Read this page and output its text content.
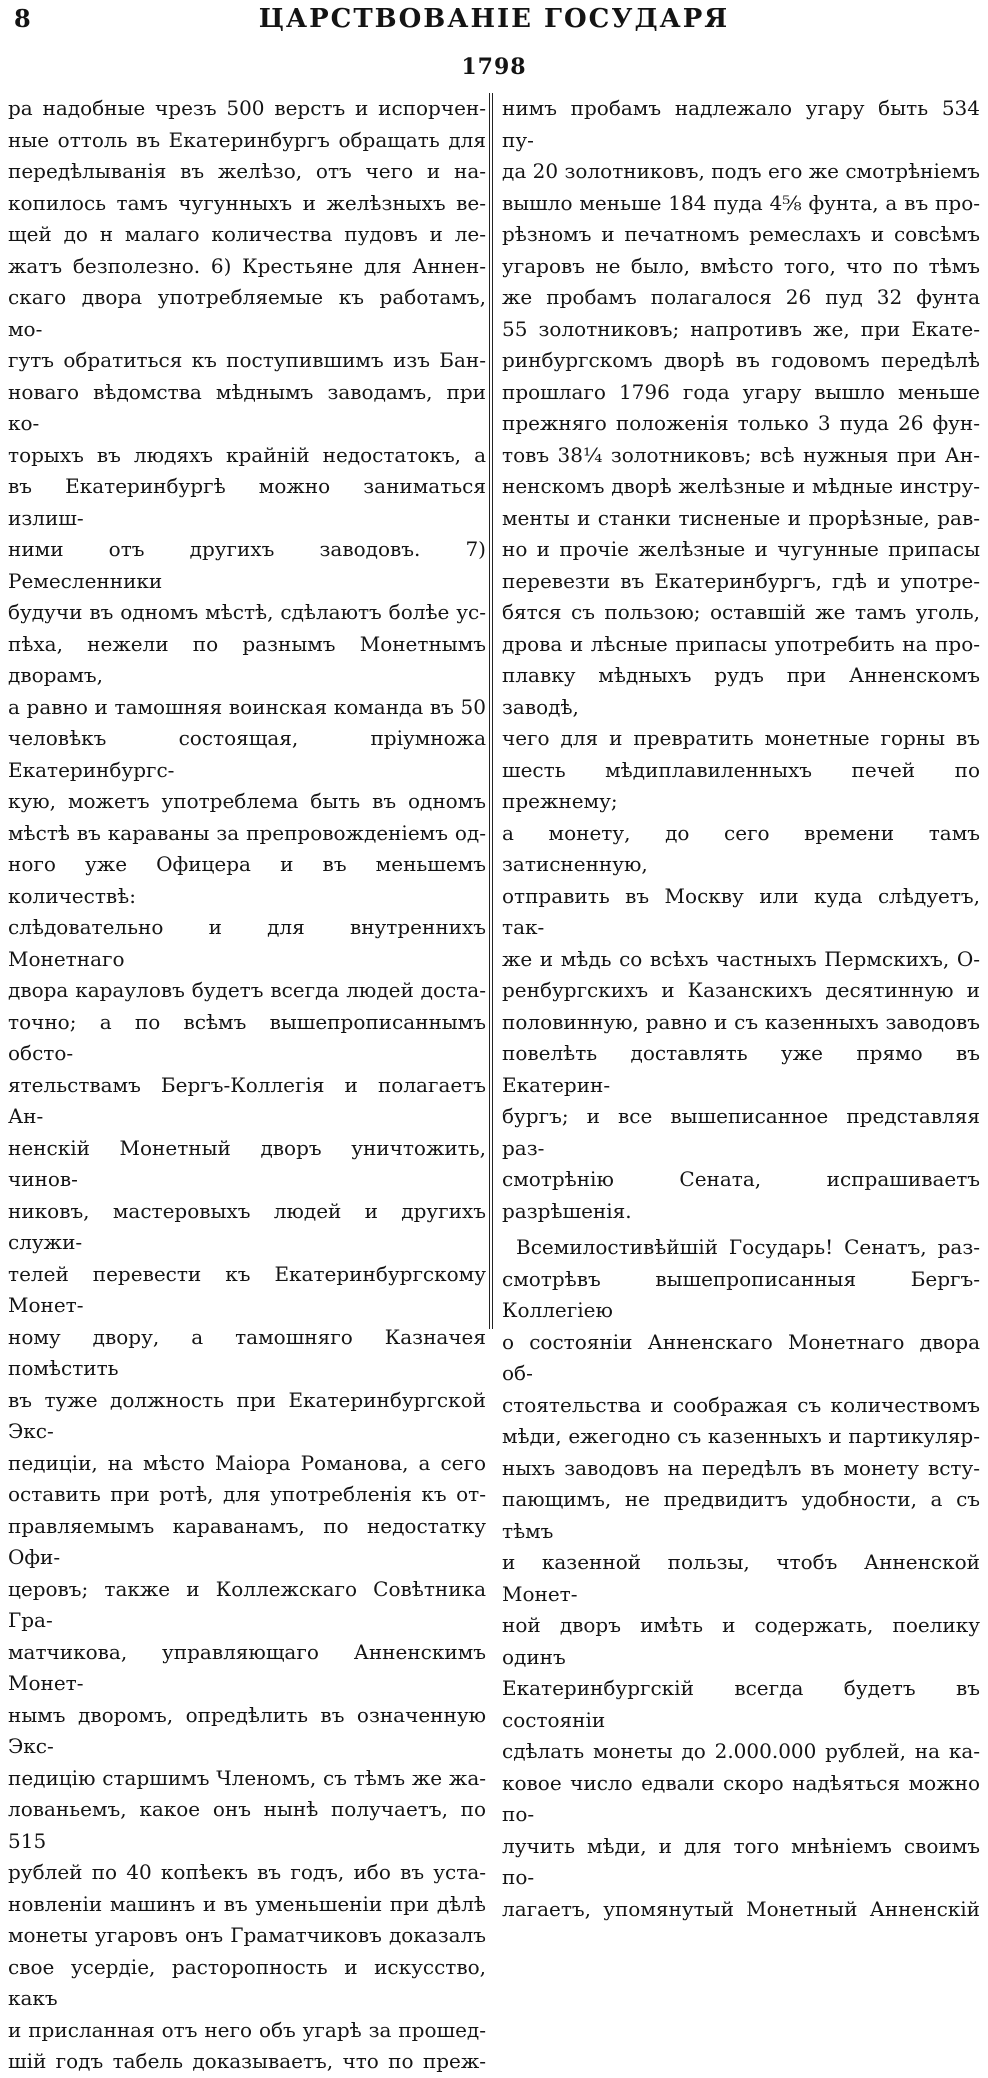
8	ЦАРСТВОВАНІЕ ГОСУДАРЯ
1798

ра надобные чрезъ 500 верстъ и испорчен-

ные оттоль въ Екатеринбургъ обращать для

передѣлыванія въ желѣзо, отъ чего и на-

копилось тамъ чугунныхъ и желѣзныхъ ве-

щей до н малаго количества пудовъ и ле-

жатъ безполезно. 6) Крестьяне для Аннен-

скаго двора употребляемые къ работамъ, мо-

гутъ обратиться къ поступившимъ изъ Бан-

новаго вѣдомства мѣднымъ заводамъ, при ко-

торыхъ въ людяхъ крайній недостатокъ, а

въ Екатеринбургѣ можно заниматься излиш-

ними отъ другихъ заводовъ. 7) Ремесленники

будучи въ одномъ мѣстѣ, сдѣлаютъ болѣе ус-

пѣха, нежели по разнымъ Монетнымъ дворамъ,

а равно и тамошняя воинская команда въ 50

человѣкъ состоящая, пріумножа Екатеринбургс-

кую, можетъ употреблема быть въ одномъ

мѣстѣ въ караваны за препровожденіемъ од-

ного уже Офицера и въ меньшемъ количествѣ:

слѣдовательно и для внутреннихъ Монетнаго

двора карауловъ будетъ всегда людей доста-

точно; а по всѣмъ вышепрописаннымъ обсто-

ятельствамъ Бергъ-Коллегія и полагаетъ Ан-

ненскій Монетный дворъ уничтожить, чинов-

никовъ, мастеровыхъ людей и другихъ служи-

телей перевести къ Екатеринбургскому Монет-

ному двору, а тамошняго Казначея помѣстить

въ туже должность при Екатеринбургской Экс-

педиціи, на мѣсто Маіора Романова, а сего

оставить при ротѣ, для употребленія къ от-

правляемымъ караванамъ, по недостатку Офи-

церовъ; также и Коллежскаго Совѣтника Гра-

матчикова, управляющаго Анненскимъ Монет-

нымъ дворомъ, опредѣлить въ означенную Экс-

педицію старшимъ Членомъ, съ тѣмъ же жа-

лованьемъ, какое онъ нынѣ получаетъ, по 515

рублей по 40 копѣекъ въ годъ, ибо въ уста-

новленіи машинъ и въ уменьшеніи при дѣлѣ

монеты угаровъ онъ Граматчиковъ доказалъ

свое усердіе, расторопность и искусство, какъ

и присланная отъ него объ угарѣ за прошед-

шій годъ табель доказываетъ, что по преж-

нимъ пробамъ надлежало угару быть 534 пу-

да 20 золотниковъ, подъ его же смотрѣніемъ

вышло меньше 184 пуда 4⅝ фунта, а въ про-

рѣзномъ и печатномъ ремеслахъ и совсѣмъ

угаровъ не было, вмѣсто того, что по тѣмъ

же пробамъ полагалося 26 пуд 32 фунта

55 золотниковъ; напротивъ же, при Екате-

ринбургскомъ дворѣ въ годовомъ передѣлѣ

прошлаго 1796 года угару вышло меньше

прежняго положенія только 3 пуда 26 фун-

товъ 38¼ золотниковъ; всѣ нужныя при Ан-

ненскомъ дворѣ желѣзные и мѣдные инстру-

менты и станки тисненые и прорѣзные, рав-

но и прочіе желѣзные и чугунные припасы

перевезти въ Екатеринбургъ, гдѣ и употре-

бятся съ пользою; оставшій же тамъ уголь,

дрова и лѣсные припасы употребить на про-

плавку мѣдныхъ рудъ при Анненскомъ заводѣ,

чего для и превратить монетные горны въ

шесть мѣдиплавиленныхъ печей по прежнему;

а монету, до сего времени тамъ затисненную,

отправить въ Москву или куда слѣдуетъ, так-

же и мѣдь со всѣхъ частныхъ Пермскихъ, О-

ренбургскихъ и Казанскихъ десятинную и

половинную, равно и съ казенныхъ заводовъ

повелѣть доставлять уже прямо въ Екатерин-

бургъ; и все вышеписанное представляя раз-

смотрѣнію Сената, испрашиваетъ разрѣшенія.

Всемилостивѣйшій Государь! Сенатъ, раз-

смотрѣвъ вышепрописанныя Бергъ-Коллегіею

о состояніи Анненскаго Монетнаго двора об-

стоятельства и соображая съ количествомъ

мѣди, ежегодно съ казенныхъ и партикуляр-

ныхъ заводовъ на передѣлъ въ монету всту-

пающимъ, не предвидитъ удобности, а съ тѣмъ

и казенной пользы, чтобъ Анненской Монет-

ной дворъ имѣть и содержать, поелику одинъ

Екатеринбургскій всегда будетъ въ состояніи

сдѣлать монеты до 2.000.000 рублей, на ка-

ковое число едвали скоро надѣяться можно по-

лучить мѣди, и для того мнѣніемъ своимъ по-

лагаетъ, упомянутый Монетный Анненскій
